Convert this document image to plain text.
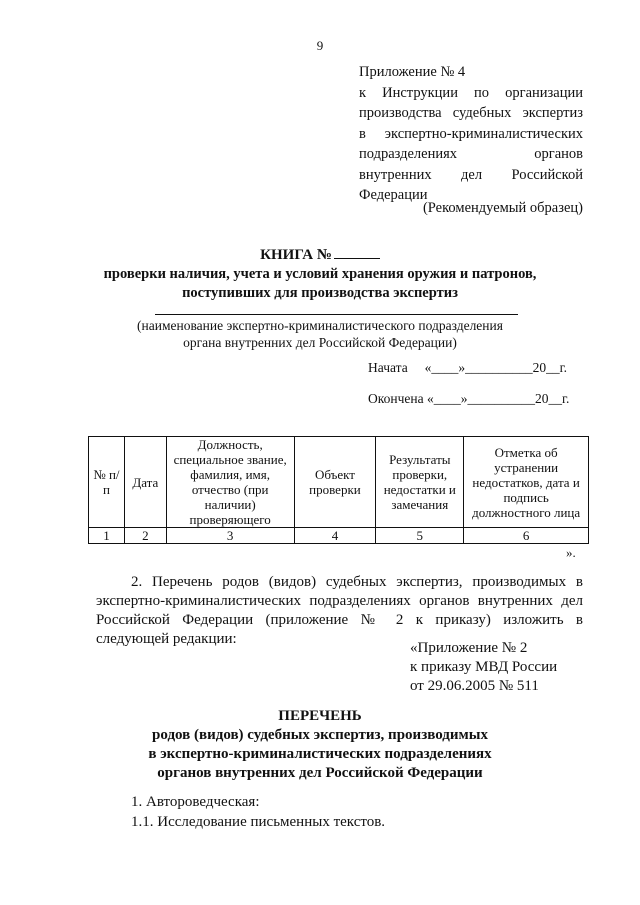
9
Приложение № 4
к Инструкции по организации
производства судебных экспертиз
в экспертно-криминалистических
подразделениях органов
внутренних дел Российской
Федерации
(Рекомендуемый образец)
КНИГА №
проверки наличия, учета и условий хранения оружия и патронов,
поступивших для производства экспертиз
(наименование экспертно-криминалистического подразделения
органа внутренних дел Российской Федерации)
Начата     «____»__________20__г.
Окончена «____»__________20__г.
№ п/п	Дата	Должность, специальное звание, фамилия, имя, отчество (при наличии) проверяющего	Объект проверки	Результаты проверки, недостатки и замечания	Отметка об устранении недостатков, дата и подпись должностного лица
1	2	3	4	5	6
».
2. Перечень родов (видов) судебных экспертиз, производимых в
экспертно-криминалистических подразделениях органов внутренних дел
Российской Федерации (приложение № 2 к приказу) изложить в
следующей редакции:
«Приложение № 2
к приказу МВД России
от 29.06.2005 № 511
ПЕРЕЧЕНЬ
родов (видов) судебных экспертиз, производимых
в экспертно-криминалистических подразделениях
органов внутренних дел Российской Федерации
1. Автороведческая:
1.1. Исследование письменных текстов.
